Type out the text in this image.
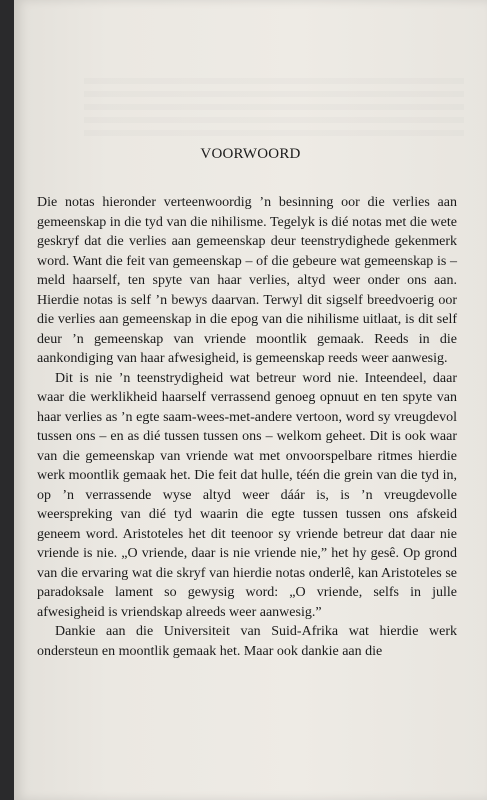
VOORWOORD

Die notas hieronder verteenwoordig ’n besinning oor die verlies aan gemeenskap in die tyd van die nihilisme. Tegelyk is dié notas met die wete geskryf dat die verlies aan gemeenskap deur teenstrydighede gekenmerk word. Want die feit van gemeenskap – of die gebeure wat gemeenskap is – meld haarself, ten spyte van haar verlies, altyd weer onder ons aan. Hierdie notas is self ’n bewys daarvan. Terwyl dit sigself breedvoerig oor die verlies aan gemeenskap in die epog van die nihilisme uitlaat, is dit self deur ’n gemeenskap van vriende moontlik gemaak. Reeds in die aankondiging van haar afwesigheid, is gemeenskap reeds weer aanwesig.

Dit is nie ’n teenstrydigheid wat betreur word nie. Inteendeel, daar waar die werklikheid haarself verrassend genoeg opnuut en ten spyte van haar verlies as ’n egte saam-wees-met-andere vertoon, word sy vreugdevol tussen ons – en as dié tussen tussen ons – welkom geheet. Dit is ook waar van die gemeenskap van vriende wat met onvoorspelbare ritmes hierdie werk moontlik gemaak het. Die feit dat hulle, téén die grein van die tyd in, op ’n verrassende wyse altyd weer dáár is, is ’n vreugdevolle weerspreking van dié tyd waarin die egte tussen tussen ons afskeid geneem word. Aristoteles het dit teenoor sy vriende betreur dat daar nie vriende is nie. „O vriende, daar is nie vriende nie,” het hy gesê. Op grond van die ervaring wat die skryf van hierdie notas onderlê, kan Aristoteles se paradoksale lament so gewysig word: „O vriende, selfs in julle afwesigheid is vriendskap alreeds weer aanwesig.”

Dankie aan die Universiteit van Suid-Afrika wat hierdie werk ondersteun en moontlik gemaak het. Maar ook dankie aan die
